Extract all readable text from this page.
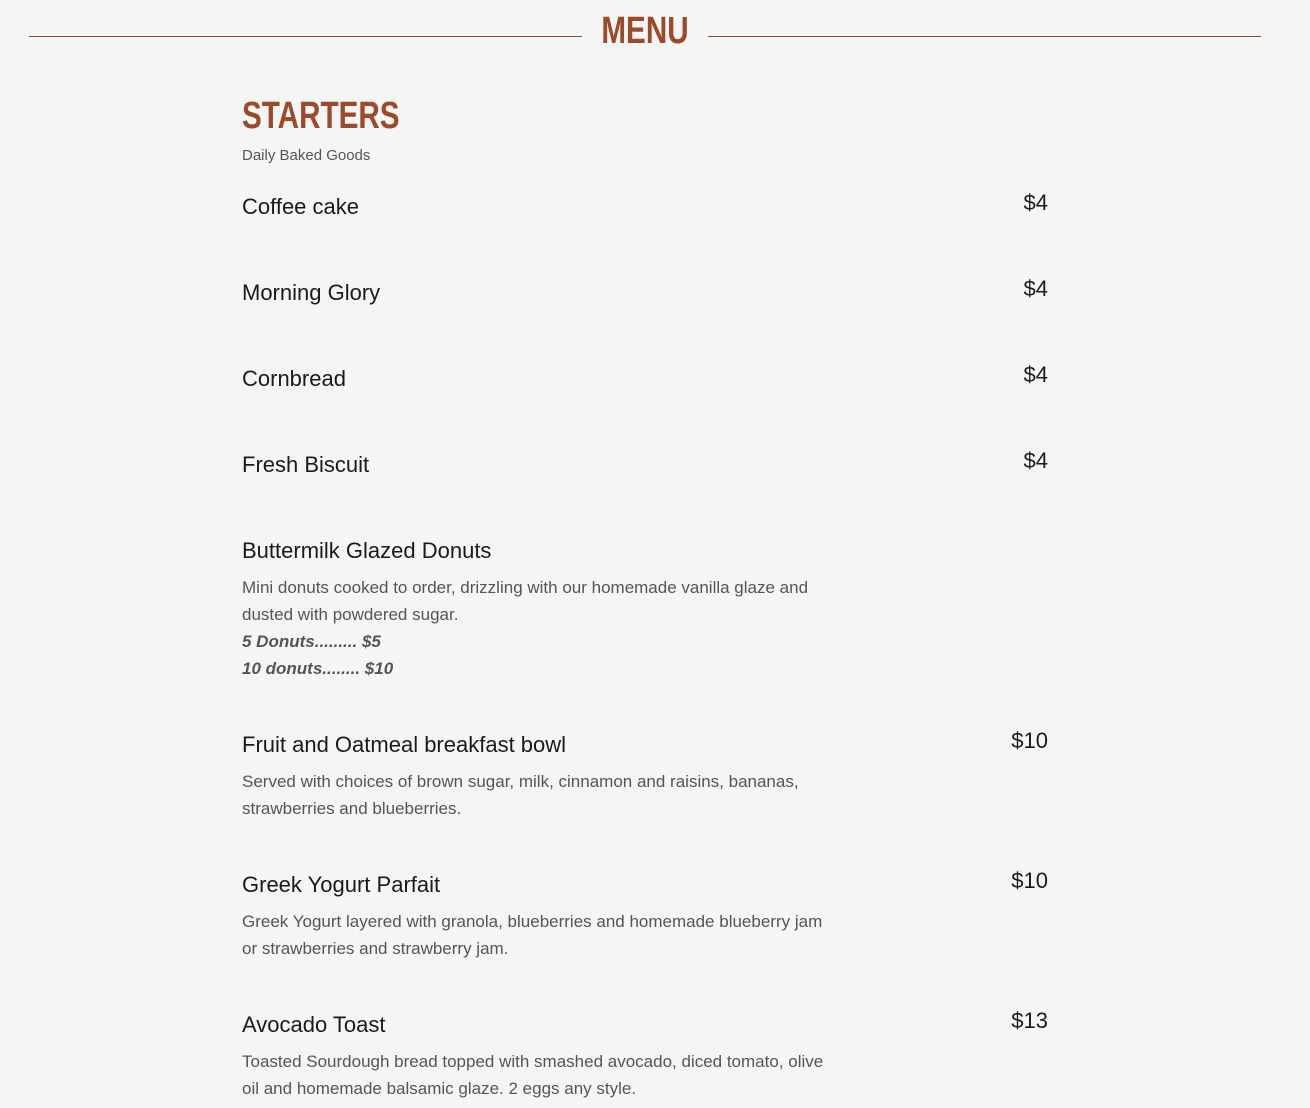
MENU
STARTERS
Daily Baked Goods
Coffee cake	$4
Morning Glory	$4
Cornbread	$4
Fresh Biscuit	$4
Buttermilk Glazed Donuts
Mini donuts cooked to order, drizzling with our homemade vanilla glaze and dusted with powdered sugar.
5 Donuts......... $5
10 donuts........ $10
Fruit and Oatmeal breakfast bowl	$10
Served with choices of brown sugar, milk, cinnamon and raisins, bananas, strawberries and blueberries.
Greek Yogurt Parfait	$10
Greek Yogurt layered with granola, blueberries and homemade blueberry jam or strawberries and strawberry jam.
Avocado Toast	$13
Toasted Sourdough bread topped with smashed avocado, diced tomato, olive oil and homemade balsamic glaze. 2 eggs any style.
